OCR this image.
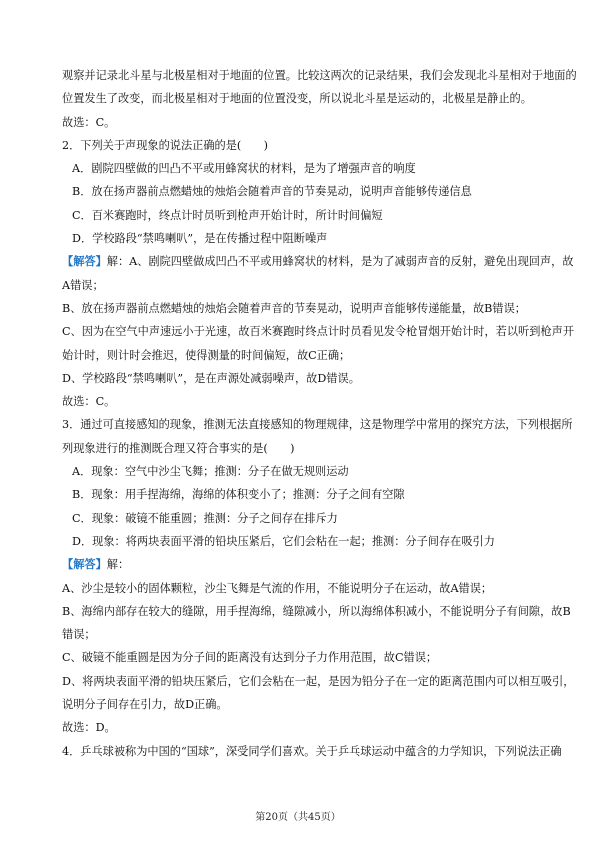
观察并记录北斗星与北极星相对于地面的位置。比较这两次的记录结果，我们会发现北斗星相对于地面的

位置发生了改变，而北极星相对于地面的位置没变，所以说北斗星是运动的，北极星是静止的。

故选：C。

2．下列关于声现象的说法正确的是(　　)

A．剧院四壁做的凹凸不平或用蜂窝状的材料，是为了增强声音的响度

B．放在扬声器前点燃蜡烛的烛焰会随着声音的节奏晃动，说明声音能够传递信息

C．百米赛跑时，终点计时员听到枪声开始计时，所计时间偏短

D．学校路段“禁鸣喇叭”，是在传播过程中阻断噪声

【解答】解：A、剧院四壁做成凹凸不平或用蜂窝状的材料，是为了减弱声音的反射，避免出现回声，故

A错误；

B、放在扬声器前点燃蜡烛的烛焰会随着声音的节奏晃动，说明声音能够传递能量，故B错误；

C、因为在空气中声速远小于光速，故百米赛跑时终点计时员看见发令枪冒烟开始计时，若以听到枪声开

始计时，则计时会推迟，使得测量的时间偏短，故C正确；

D、学校路段“禁鸣喇叭”，是在声源处减弱噪声，故D错误。

故选：C。

3．通过可直接感知的现象，推测无法直接感知的物理规律，这是物理学中常用的探究方法，下列根据所

列现象进行的推测既合理又符合事实的是(　　)

A．现象：空气中沙尘飞舞；推测：分子在做无规则运动

B．现象：用手捏海绵，海绵的体积变小了；推测：分子之间有空隙

C．现象：破镜不能重圆；推测：分子之间存在排斥力

D．现象：将两块表面平滑的铅块压紧后，它们会粘在一起；推测：分子间存在吸引力

【解答】解：

A、沙尘是较小的固体颗粒，沙尘飞舞是气流的作用，不能说明分子在运动，故A错误；

B、海绵内部存在较大的缝隙，用手捏海绵，缝隙减小，所以海绵体积减小，不能说明分子有间隙，故B

错误；

C、破镜不能重圆是因为分子间的距离没有达到分子力作用范围，故C错误；

D、将两块表面平滑的铅块压紧后，它们会粘在一起，是因为铅分子在一定的距离范围内可以相互吸引，

说明分子间存在引力，故D正确。

故选：D。

4．乒乓球被称为中国的“国球”，深受同学们喜欢。关于乒乓球运动中蕴含的力学知识，下列说法正确

第20页（共45页）
